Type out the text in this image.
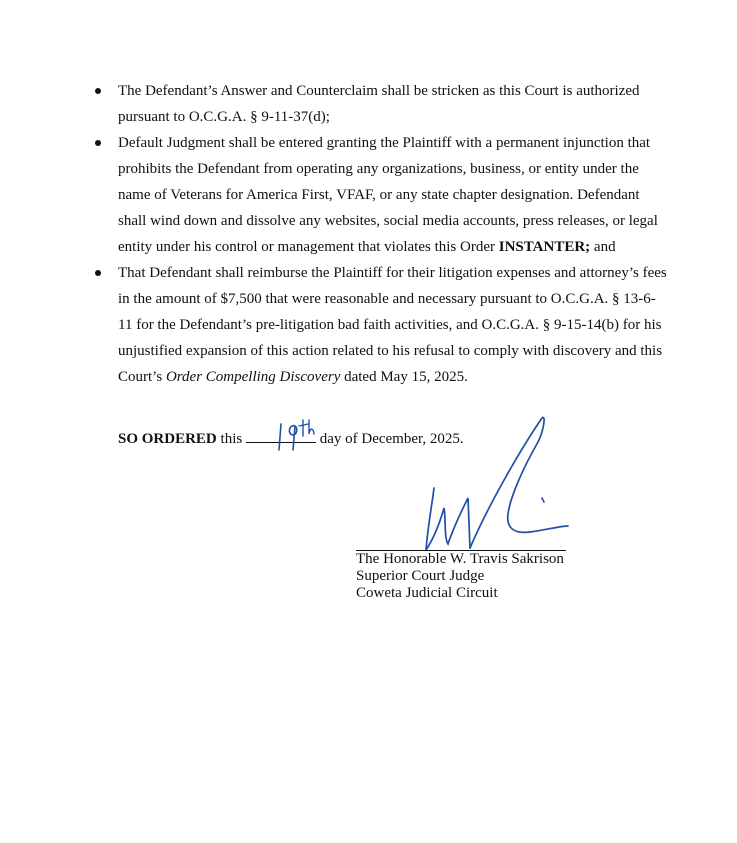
The Defendant’s Answer and Counterclaim shall be stricken as this Court is authorized pursuant to O.C.G.A. § 9-11-37(d);
Default Judgment shall be entered granting the Plaintiff with a permanent injunction that prohibits the Defendant from operating any organizations, business, or entity under the name of Veterans for America First, VFAF, or any state chapter designation. Defendant shall wind down and dissolve any websites, social media accounts, press releases, or legal entity under his control or management that violates this Order INSTANTER; and
That Defendant shall reimburse the Plaintiff for their litigation expenses and attorney’s fees in the amount of $7,500 that were reasonable and necessary pursuant to O.C.G.A. § 13-6-11 for the Defendant’s pre-litigation bad faith activities, and O.C.G.A. § 9-15-14(b) for his unjustified expansion of this action related to his refusal to comply with discovery and this Court’s Order Compelling Discovery dated May 15, 2025.
SO ORDERED this	day of December, 2025.
The Honorable W. Travis Sakrison
Superior Court Judge
Coweta Judicial Circuit
